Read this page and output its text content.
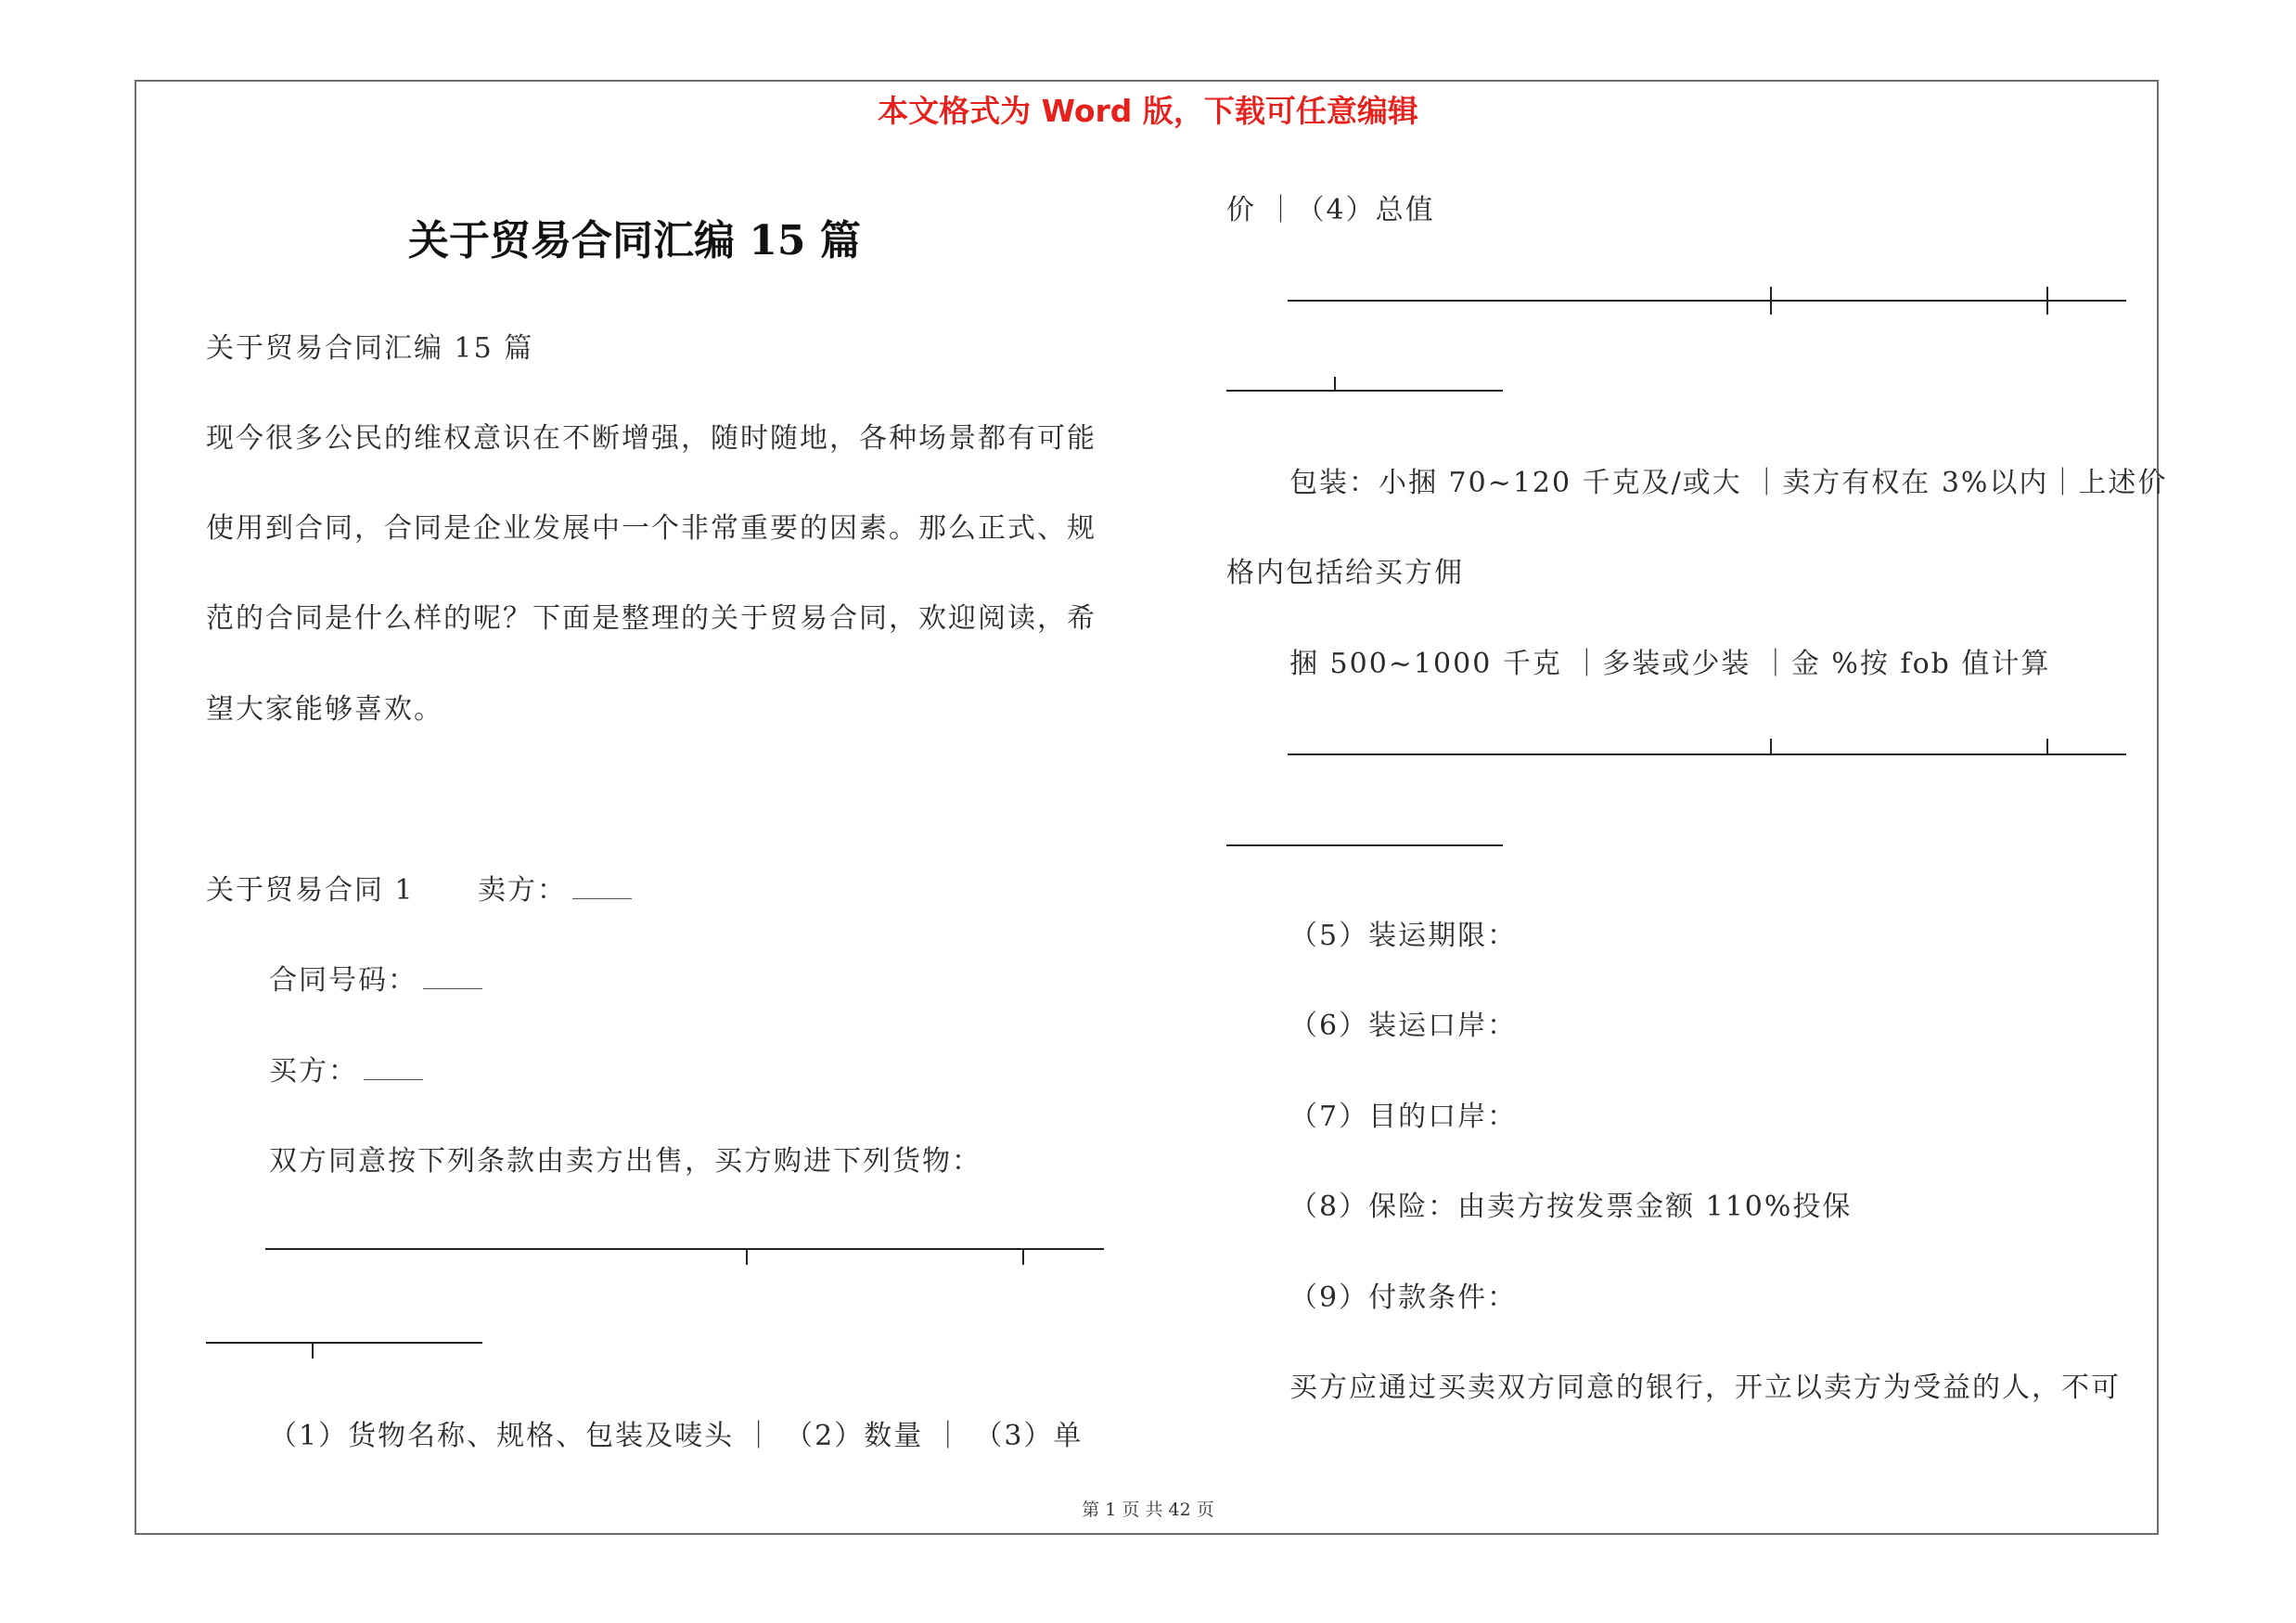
本文格式为 Word 版，下载可任意编辑
关于贸易合同汇编 15 篇
关于贸易合同汇编 15 篇
现今很多公民的维权意识在不断增强，随时随地，各种场景都有可能
使用到合同，合同是企业发展中一个非常重要的因素。那么正式、规
范的合同是什么样的呢？下面是整理的关于贸易合同，欢迎阅读，希
望大家能够喜欢。
关于贸易合同 1 卖方：
合同号码：
买方：
双方同意按下列条款由卖方出售，买方购进下列货物：
（1）货物名称、规格、包装及唛头 ｜ （2）数量 ｜ （3）单
价 ｜（4）总值
包装：小捆 70~120 千克及/或大 ｜卖方有权在 3%以内｜上述价
格内包括给买方佣
捆 500~1000 千克 ｜多装或少装 ｜金 %按 fob 值计算
（5）装运期限：
（6）装运口岸：
（7）目的口岸：
（8）保险：由卖方按发票金额 110%投保
（9）付款条件：
买方应通过买卖双方同意的银行，开立以卖方为受益的人，不可
第 1 页 共 42 页
